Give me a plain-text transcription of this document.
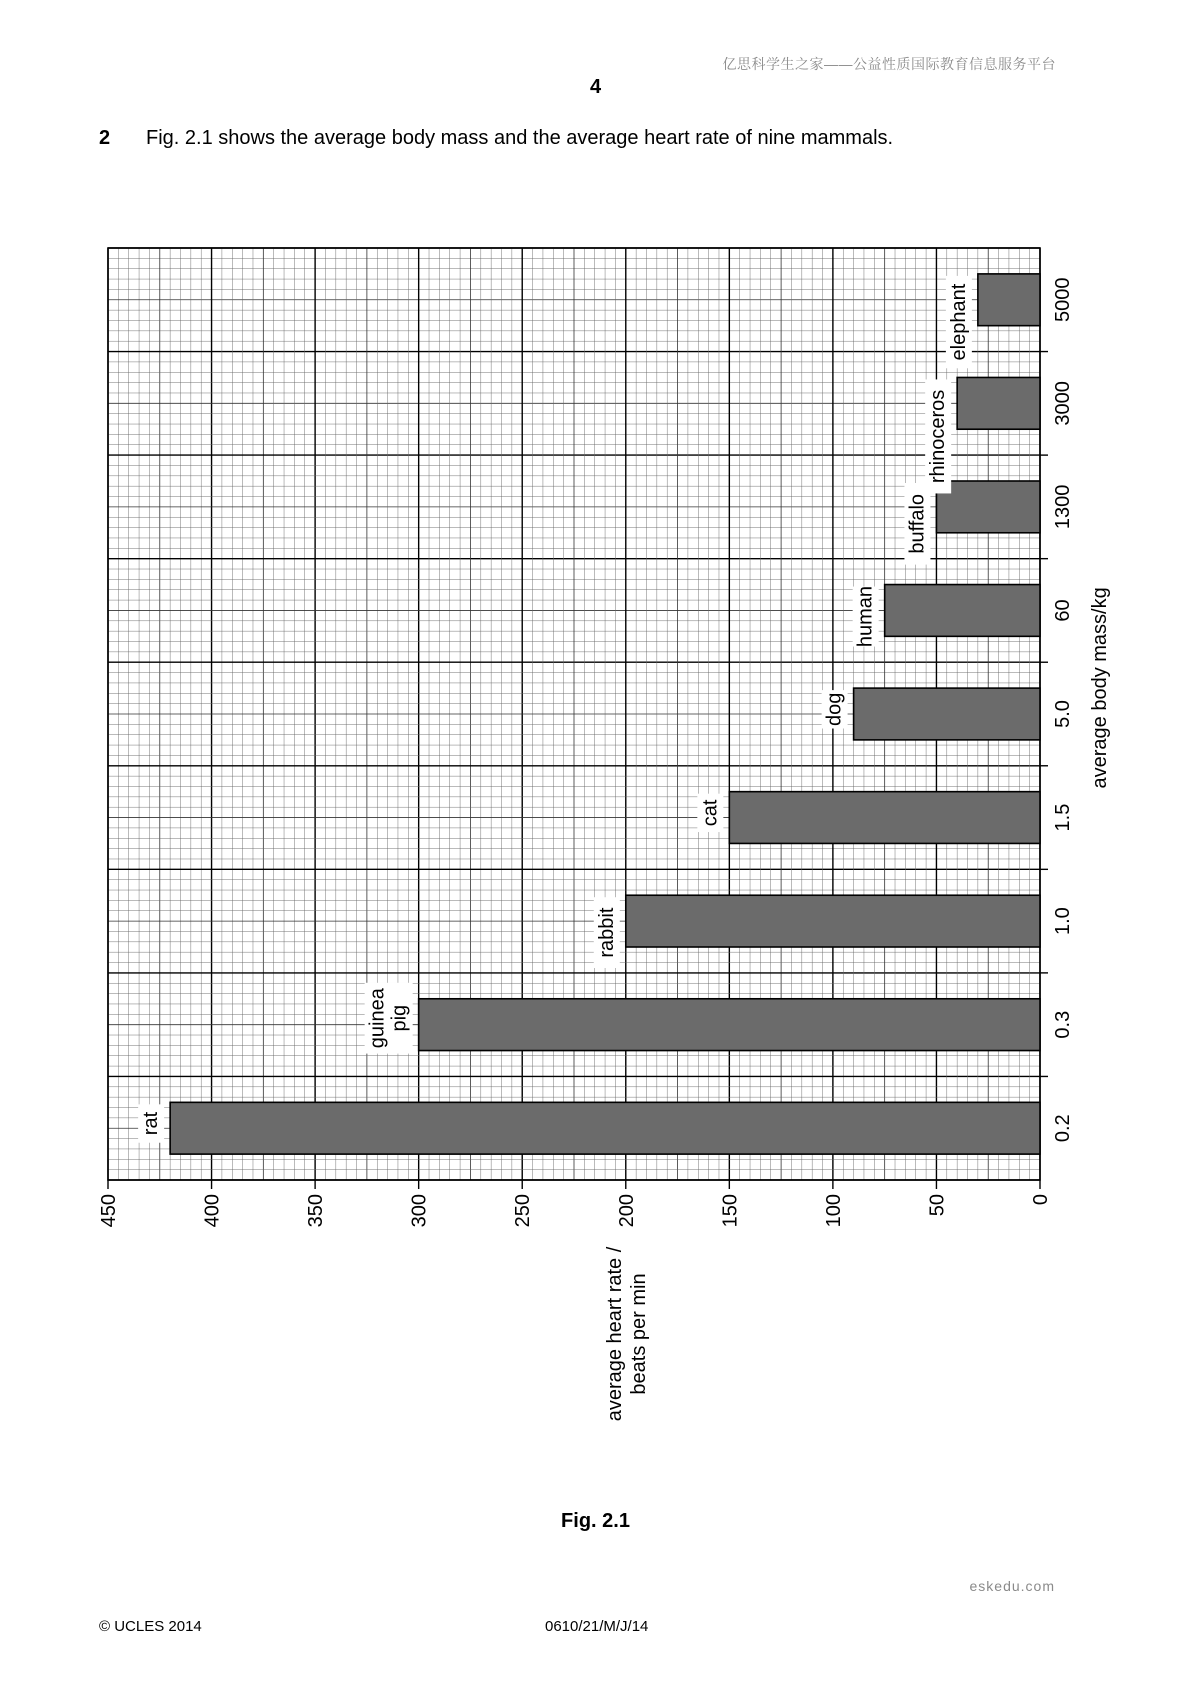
亿思科学生之家——公益性质国际教育信息服务平台
4
2 Fig. 2.1 shows the average body mass and the average heart rate of nine mammals.
0
50
100
150
200
250
300
350
400
450
average heart rate / beats per min
0.2
rat
0.3
guineapig
1.0
rabbit
1.5
cat
5.0
dog
60
human
1300
buffalo
3000
rhinoceros
5000
elephant
average body mass/kg
Fig. 2.1
eskedu.com
© UCLES 2014	0610/21/M/J/14
